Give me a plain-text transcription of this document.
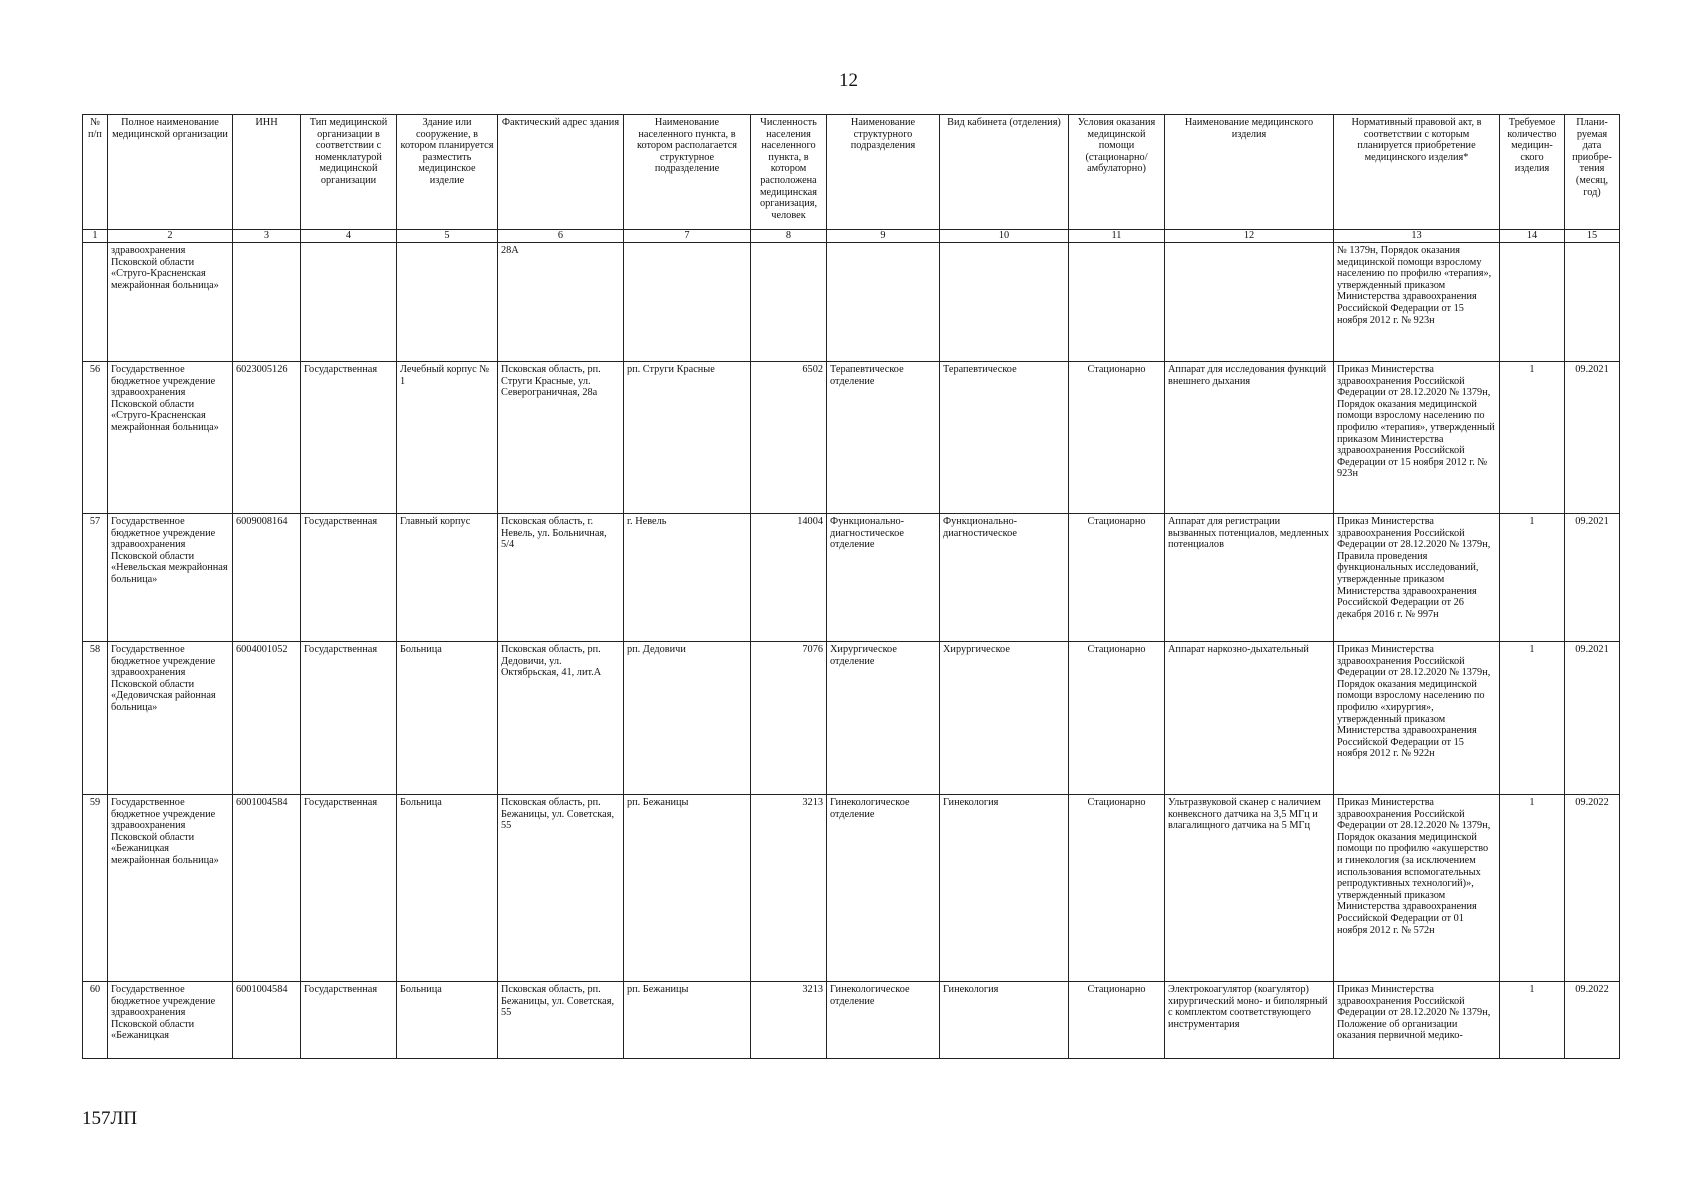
12
№ п/п	Полное наименование медицинской организации	ИНН	Тип медицинской организации в соответствии с номенклатурой медицинской организации	Здание или сооружение, в котором планируется разместить медицинское изделие	Фактический адрес здания	Наименование населенного пункта, в котором располагается структурное подразделение	Численность населения населенного пункта, в котором расположена медицинская организация, человек	Наименование структурного подразделения	Вид кабинета (отделения)	Условия оказания медицинской помощи (стационарно/ амбулаторно)	Наименование медицинского изделия	Нормативный правовой акт, в соответствии с которым планируется приобретение медицинского изделия*	Требуемое количество медицин-ского изделия	Плани-руемая дата приобре-тения (месяц, год)
1	2	3	4	5	6	7	8	9	10	11	12	13	14	15
	здравоохранения Псковской области «Струго-Красненская межрайонная больница»				28А							№ 1379н, Порядок оказания медицинской помощи взрослому населению по профилю «терапия», утвержденный приказом Министерства здравоохранения Российской Федерации от 15 ноября 2012 г. № 923н		
56	Государственное бюджетное учреждение здравоохранения Псковской области «Струго-Красненская межрайонная больница»	6023005126	Государственная	Лечебный корпус № 1	Псковская область, рп. Струги Красные, ул. Северограничная, 28а	рп. Струги Красные	6502	Терапевтическое отделение	Терапевтическое	Стационарно	Аппарат для исследования функций внешнего дыхания	Приказ Министерства здравоохранения Российской Федерации от 28.12.2020 № 1379н, Порядок оказания медицинской помощи взрослому населению по профилю «терапия», утвержденный приказом Министерства здравоохранения Российской Федерации от 15 ноября 2012 г. № 923н	1	09.2021
57	Государственное бюджетное учреждение здравоохранения Псковской области «Невельская межрайонная больница»	6009008164	Государственная	Главный корпус	Псковская область, г. Невель, ул. Больничная, 5/4	г. Невель	14004	Функционально-диагностическое отделение	Функционально-диагностическое	Стационарно	Аппарат для регистрации вызванных потенциалов, медленных потенциалов	Приказ Министерства здравоохранения Российской Федерации от 28.12.2020 № 1379н, Правила проведения функциональных исследований, утвержденные приказом Министерства здравоохранения Российской Федерации от 26 декабря 2016 г. № 997н	1	09.2021
58	Государственное бюджетное учреждение здравоохранения Псковской области «Дедовичская районная больница»	6004001052	Государственная	Больница	Псковская область, рп. Дедовичи, ул. Октябрьская, 41, лит.А	рп. Дедовичи	7076	Хирургическое отделение	Хирургическое	Стационарно	Аппарат наркозно-дыхательный	Приказ Министерства здравоохранения Российской Федерации от 28.12.2020 № 1379н, Порядок оказания медицинской помощи взрослому населению по профилю «хирургия», утвержденный приказом Министерства здравоохранения Российской Федерации от 15 ноября 2012 г. № 922н	1	09.2021
59	Государственное бюджетное учреждение здравоохранения Псковской области «Бежаницкая межрайонная больница»	6001004584	Государственная	Больница	Псковская область, рп. Бежаницы, ул. Советская, 55	рп. Бежаницы	3213	Гинекологическое отделение	Гинекология	Стационарно	Ультразвуковой сканер с наличием конвексного датчика на 3,5 МГц и влагалищного датчика на 5 МГц	Приказ Министерства здравоохранения Российской Федерации от 28.12.2020 № 1379н, Порядок оказания медицинской помощи по профилю «акушерство и гинекология (за исключением использования вспомогательных репродуктивных технологий)», утвержденный приказом Министерства здравоохранения Российской Федерации от 01 ноября 2012 г. № 572н	1	09.2022
60	Государственное бюджетное учреждение здравоохранения Псковской области «Бежаницкая	6001004584	Государственная	Больница	Псковская область, рп. Бежаницы, ул. Советская, 55	рп. Бежаницы	3213	Гинекологическое отделение	Гинекология	Стационарно	Электрокоагулятор (коагулятор) хирургический моно- и биполярный с комплектом соответствующего инструментария	Приказ Министерства здравоохранения Российской Федерации от 28.12.2020 № 1379н, Положение об организации оказания первичной медико-	1	09.2022
157ЛП
